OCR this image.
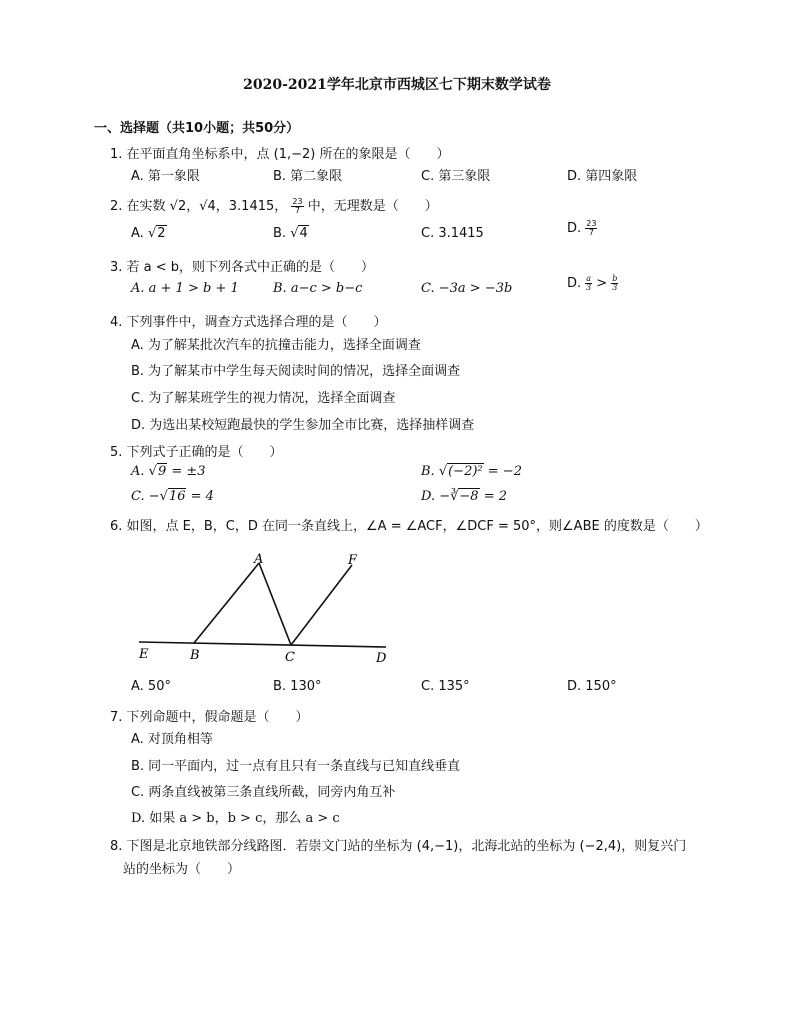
2020-2021学年北京市西城区七下期末数学试卷
一、选择题（共10小题；共50分）
1. 在平面直角坐标系中，点 (1,−2) 所在的象限是（　　）
A. 第一象限	B. 第二象限	C. 第三象限	D. 第四象限
2. 在实数 √2，√4，3.1415， $\frac{23}{7}$ 中，无理数是（　　）
A. √2	B. √4	C. 3.1415	D. $\frac{23}{7}$
3. 若 a < b，则下列各式中正确的是（　　）
A. a + 1 > b + 1	B. a−c > b−c	C. −3a > −3b	D. $\frac{a}{3} > \frac{b}{3}$
4. 下列事件中，调查方式选择合理的是（　　）
A. 为了解某批次汽车的抗撞击能力，选择全面调查
B. 为了解某市中学生每天阅读时间的情况，选择全面调查
C. 为了解某班学生的视力情况，选择全面调查
D. 为选出某校短跑最快的学生参加全市比赛，选择抽样调查
5. 下列式子正确的是（　　）
A. √9 = ±3	B. √(−2)² = −2
C. −√16 = 4	D. −∛−8 = 2
6. 如图，点 E，B，C，D 在同一条直线上，∠A = ∠ACF，∠DCF = 50°，则∠ABE 的度数是（　　）
A	F
E	B	C	D
A. 50°	B. 130°	C. 135°	D. 150°
7. 下列命题中，假命题是（　　）
A. 对顶角相等
B. 同一平面内，过一点有且只有一条直线与已知直线垂直
C. 两条直线被第三条直线所截，同旁内角互补
D. 如果 a > b，b > c，那么 a > c
8. 下图是北京地铁部分线路图．若崇文门站的坐标为 (4,−1)，北海北站的坐标为 (−2,4)，则复兴门
站的坐标为（　　）
